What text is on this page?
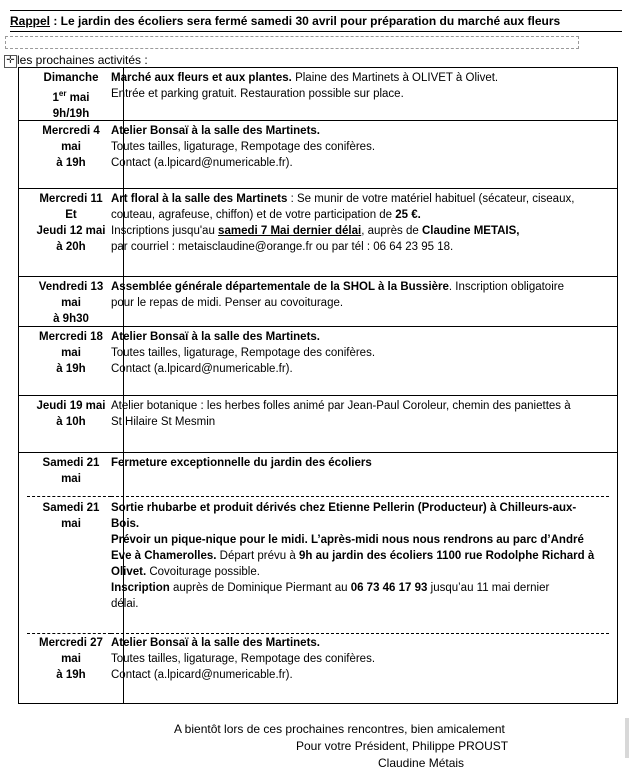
Rappel : Le jardin des écoliers sera fermé samedi 30 avril pour préparation du marché aux fleurs
✛ les prochaines activités :
Dimanche
1er mai
9h/19h

Marché aux fleurs et aux plantes. Plaine des Martinets à OLIVET à Olivet.

Entrée et parking gratuit. Restauration possible sur place.

Mercredi 4
mai
à 19h

Atelier Bonsaï à la salle des Martinets.

Toutes tailles, ligaturage, Rempotage des conifères.

Contact (a.lpicard@numericable.fr).

Mercredi 11
Et
Jeudi 12 mai
à 20h

Art floral à la salle des Martinets : Se munir de votre matériel habituel (sécateur, ciseaux,

couteau, agrafeuse, chiffon) et de votre participation de 25 €.

Inscriptions jusqu'au samedi 7 Mai dernier délai, auprès de Claudine METAIS,

par courriel : metaisclaudine@orange.fr ou par tél : 06 64 23 95 18.

Vendredi 13
mai
à 9h30

Assemblée générale départementale de la SHOL à la Bussière. Inscription obligatoire

pour le repas de midi. Penser au covoiturage.

Mercredi 18
mai
à 19h

Atelier Bonsaï à la salle des Martinets.

Toutes tailles, ligaturage, Rempotage des conifères.

Contact (a.lpicard@numericable.fr).

Jeudi 19 mai
à 10h

Atelier botanique : les herbes folles animé par Jean-Paul Coroleur, chemin des paniettes à

St Hilaire St Mesmin

Samedi 21
mai

Fermeture exceptionnelle du jardin des écoliers

Samedi 21
mai

Sortie rhubarbe et produit dérivés chez Etienne Pellerin (Producteur) à Chilleurs-aux-

Bois.

Prévoir un pique-nique pour le midi. L’après-midi nous nous rendrons au parc d’André

Eve à Chamerolles. Départ prévu à 9h au jardin des écoliers 1100 rue Rodolphe Richard à

Olivet. Covoiturage possible.

Inscription auprès de Dominique Piermant au 06 73 46 17 93 jusqu’au 11 mai dernier

délai.

Mercredi 27
mai
à 19h

Atelier Bonsaï à la salle des Martinets.

Toutes tailles, ligaturage, Rempotage des conifères.

Contact (a.lpicard@numericable.fr).

A bientôt lors de ces prochaines rencontres, bien amicalement
Pour votre Président, Philippe PROUST
Claudine Métais
